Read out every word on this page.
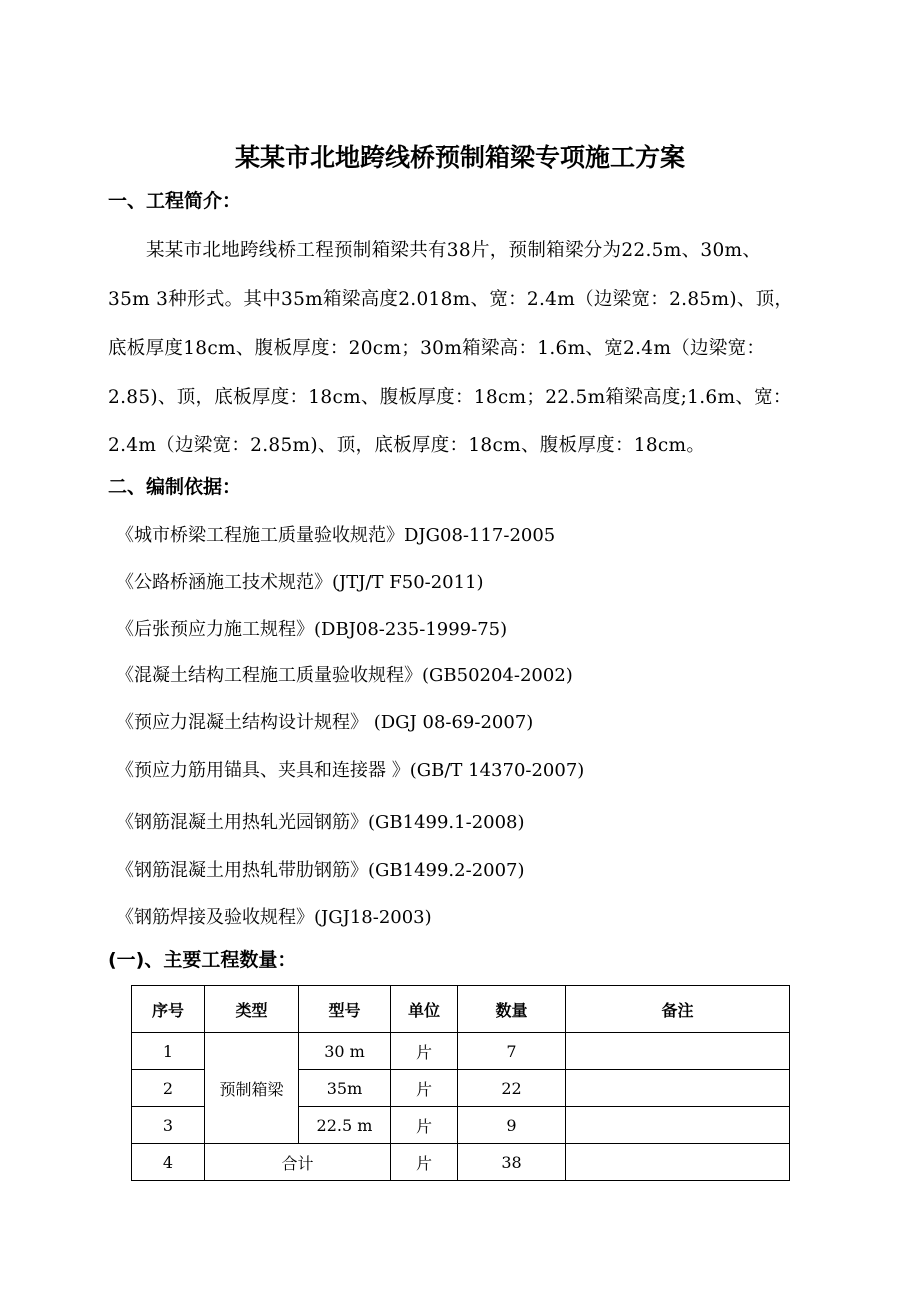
某某市北地跨线桥预制箱梁专项施工方案
一、工程简介：
某某市北地跨线桥工程预制箱梁共有38片，预制箱梁分为22.5m、30m、
35m 3种形式。其中35m箱梁高度2.018m、宽：2.4m（边梁宽：2.85m)、顶，
底板厚度18cm、腹板厚度：20cm；30m箱梁高：1.6m、宽2.4m（边梁宽：
2.85)、顶，底板厚度：18cm、腹板厚度：18cm；22.5m箱梁高度;1.6m、宽：
2.4m（边梁宽：2.85m)、顶，底板厚度：18cm、腹板厚度：18cm。
二、编制依据：
《城市桥梁工程施工质量验收规范》DJG08-117-2005
《公路桥涵施工技术规范》(JTJ/T F50-2011)
《后张预应力施工规程》(DBJ08-235-1999-75)
《混凝土结构工程施工质量验收规程》(GB50204-2002)
《预应力混凝土结构设计规程》 (DGJ 08-69-2007)
《预应力筋用锚具、夹具和连接器 》(GB/T 14370-2007)
《钢筋混凝土用热轧光园钢筋》(GB1499.1-2008)
《钢筋混凝土用热轧带肋钢筋》(GB1499.2-2007)
《钢筋焊接及验收规程》(JGJ18-2003)
(一)、主要工程数量：
序号	类型	型号	单位	数量	备注
1	预制箱梁	30 m	片	7	
2		35m	片	22	
3		22.5 m	片	9	
4	合计		片	38	
